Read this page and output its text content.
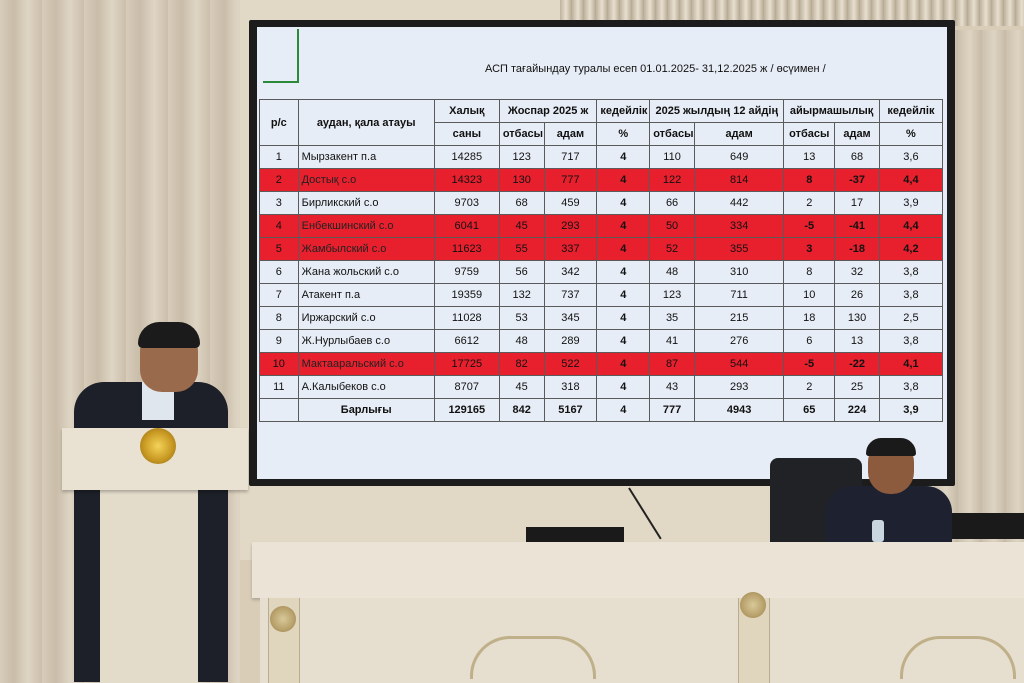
АСП тағайындау туралы есеп 01.01.2025- 31,12.2025 ж / өсүимен /
р/с	аудан, қала атауы	Халық	Жоспар 2025 ж		кедейлік	2025 жылдың 12 айдің		айырмашылық		кедейлік
		саны	отбасы	адам	%	отбасы	адам	отбасы	адам	%
1	Мырзакент п.а	14285	123	717	4	110	649	13	68	3,6
2	Достық с.о	14323	130	777	4	122	814	8	-37	4,4
3	Бирликский с.о	9703	68	459	4	66	442	2	17	3,9
4	Енбекшинский с.о	6041	45	293	4	50	334	-5	-41	4,4
5	Жамбылский с.о	11623	55	337	4	52	355	3	-18	4,2
6	Жана жольский с.о	9759	56	342	4	48	310	8	32	3,8
7	Атакент п.а	19359	132	737	4	123	711	10	26	3,8
8	Иржарский с.о	11028	53	345	4	35	215	18	130	2,5
9	Ж.Нурлыбаев с.о	6612	48	289	4	41	276	6	13	3,8
10	Мактааральский с.о	17725	82	522	4	87	544	-5	-22	4,1
11	А.Калыбеков с.о	8707	45	318	4	43	293	2	25	3,8
	Барлығы	129165	842	5167	4	777	4943	65	224	3,9
